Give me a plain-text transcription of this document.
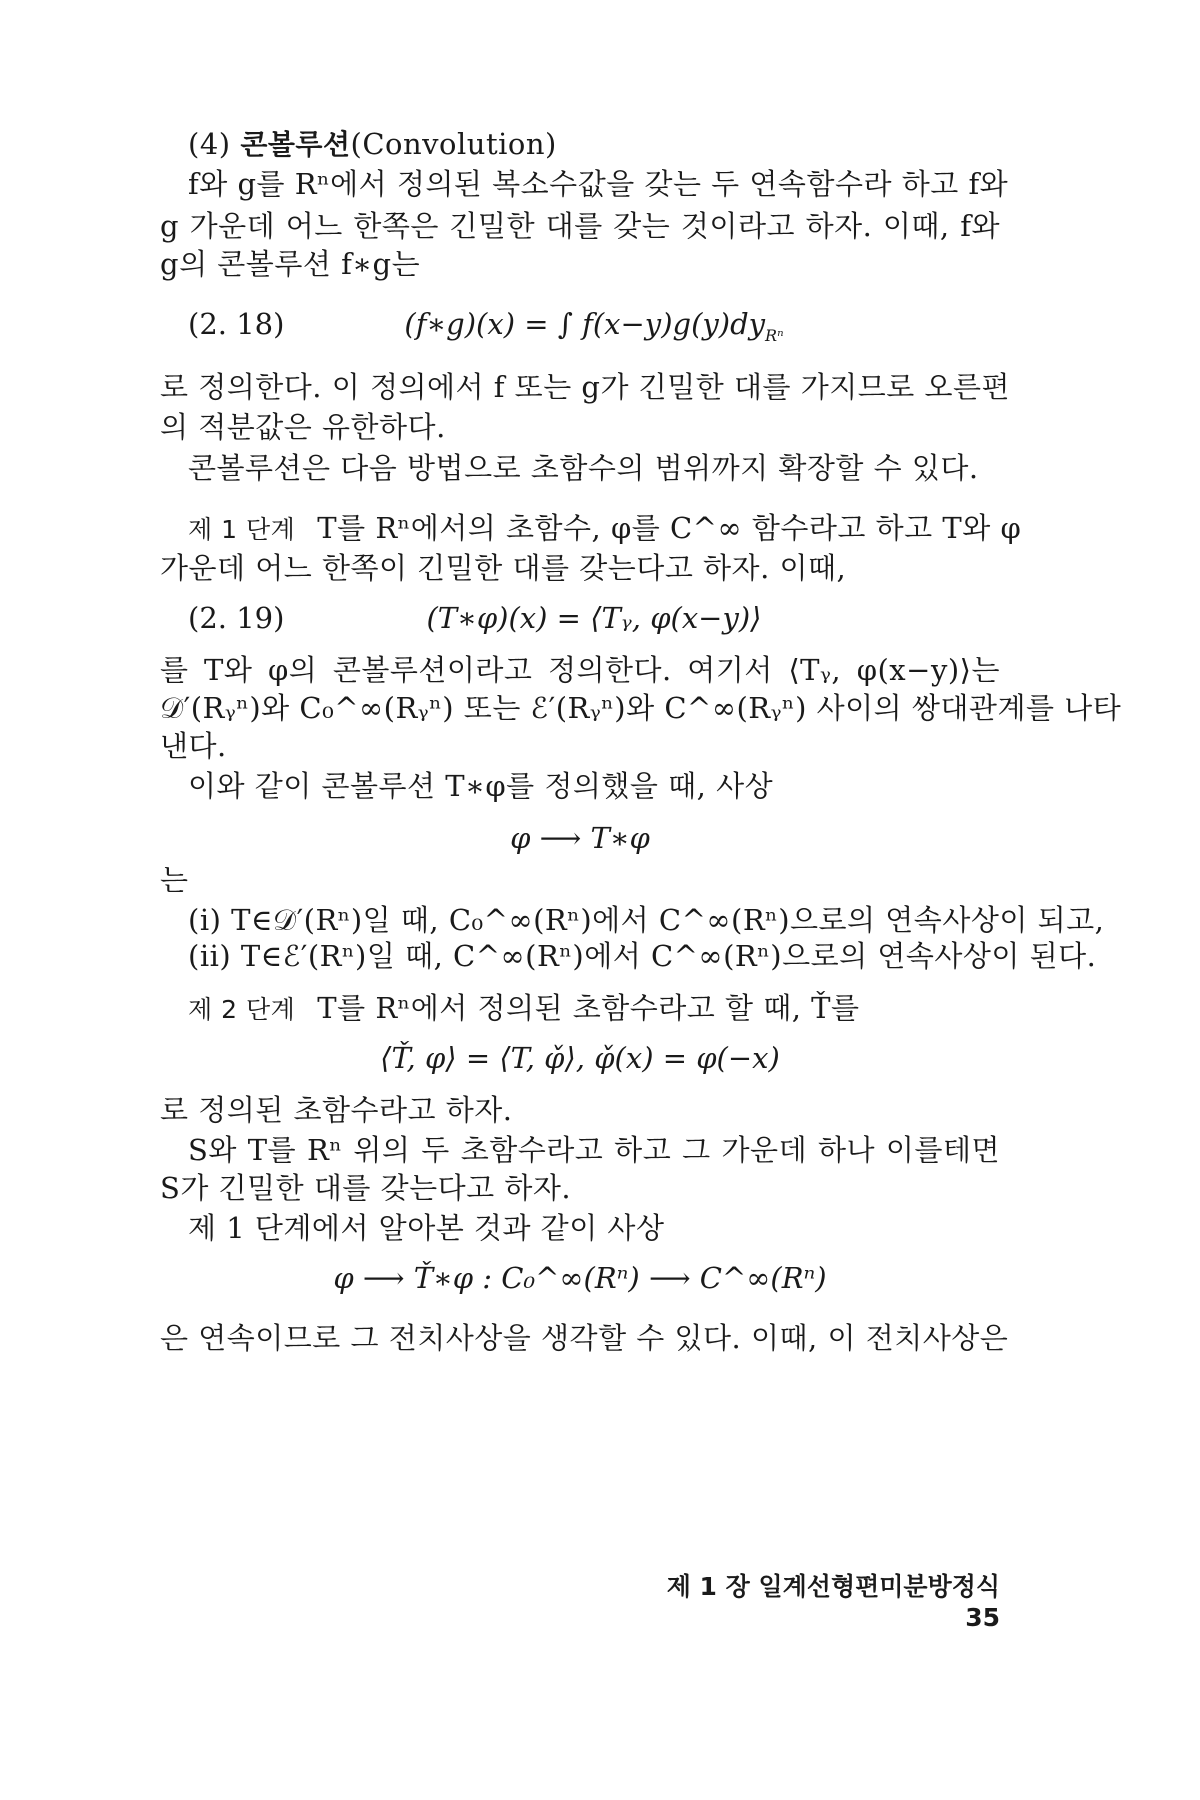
(4) 콘볼루션(Convolution)
f와 g를 Rⁿ에서 정의된 복소수값을 갖는 두 연속함수라 하고 f와
g 가운데 어느 한쪽은 긴밀한 대를 갖는 것이라고 하자. 이때, f와
g의 콘볼루션 f∗g는
(2. 18)	(f∗g)(x) = ∫ $f(x-y)g(y)dy_{R^n}$
로 정의한다. 이 정의에서 f 또는 g가 긴밀한 대를 가지므로 오른편
의 적분값은 유한하다.
콘볼루션은 다음 방법으로 초함수의 범위까지 확장할 수 있다.
제 1 단계 T를 Rⁿ에서의 초함수, φ를 C^∞ 함수라고 하고 T와 φ
가운데 어느 한쪽이 긴밀한 대를 갖는다고 하자. 이때,
(2. 19)	(T∗φ)(x) = ⟨Tᵧ, φ(x−y)⟩
를 T와 φ의 콘볼루션이라고 정의한다. 여기서 ⟨Tᵧ, φ(x−y)⟩는
𝒟′(Rᵧⁿ)와 C₀^∞(Rᵧⁿ) 또는 ℰ′(Rᵧⁿ)와 C^∞(Rᵧⁿ) 사이의 쌍대관계를 나타
낸다.
이와 같이 콘볼루션 T∗φ를 정의했을 때, 사상
φ ⟶ T∗φ
는
(i) T∈𝒟′(Rⁿ)일 때, C₀^∞(Rⁿ)에서 C^∞(Rⁿ)으로의 연속사상이 되고,
(ii) T∈ℰ′(Rⁿ)일 때, C^∞(Rⁿ)에서 C^∞(Rⁿ)으로의 연속사상이 된다.
제 2 단계 T를 Rⁿ에서 정의된 초함수라고 할 때, Ť를
⟨Ť, φ⟩ = ⟨T, φ̌⟩, φ̌(x) = φ(−x)
로 정의된 초함수라고 하자.
S와 T를 Rⁿ 위의 두 초함수라고 하고 그 가운데 하나 이를테면
S가 긴밀한 대를 갖는다고 하자.
제 1 단계에서 알아본 것과 같이 사상
φ ⟶ Ť∗φ : C₀^∞(Rⁿ) ⟶ C^∞(Rⁿ)
은 연속이므로 그 전치사상을 생각할 수 있다. 이때, 이 전치사상은
제 1 장 일계선형편미분방정식 35
